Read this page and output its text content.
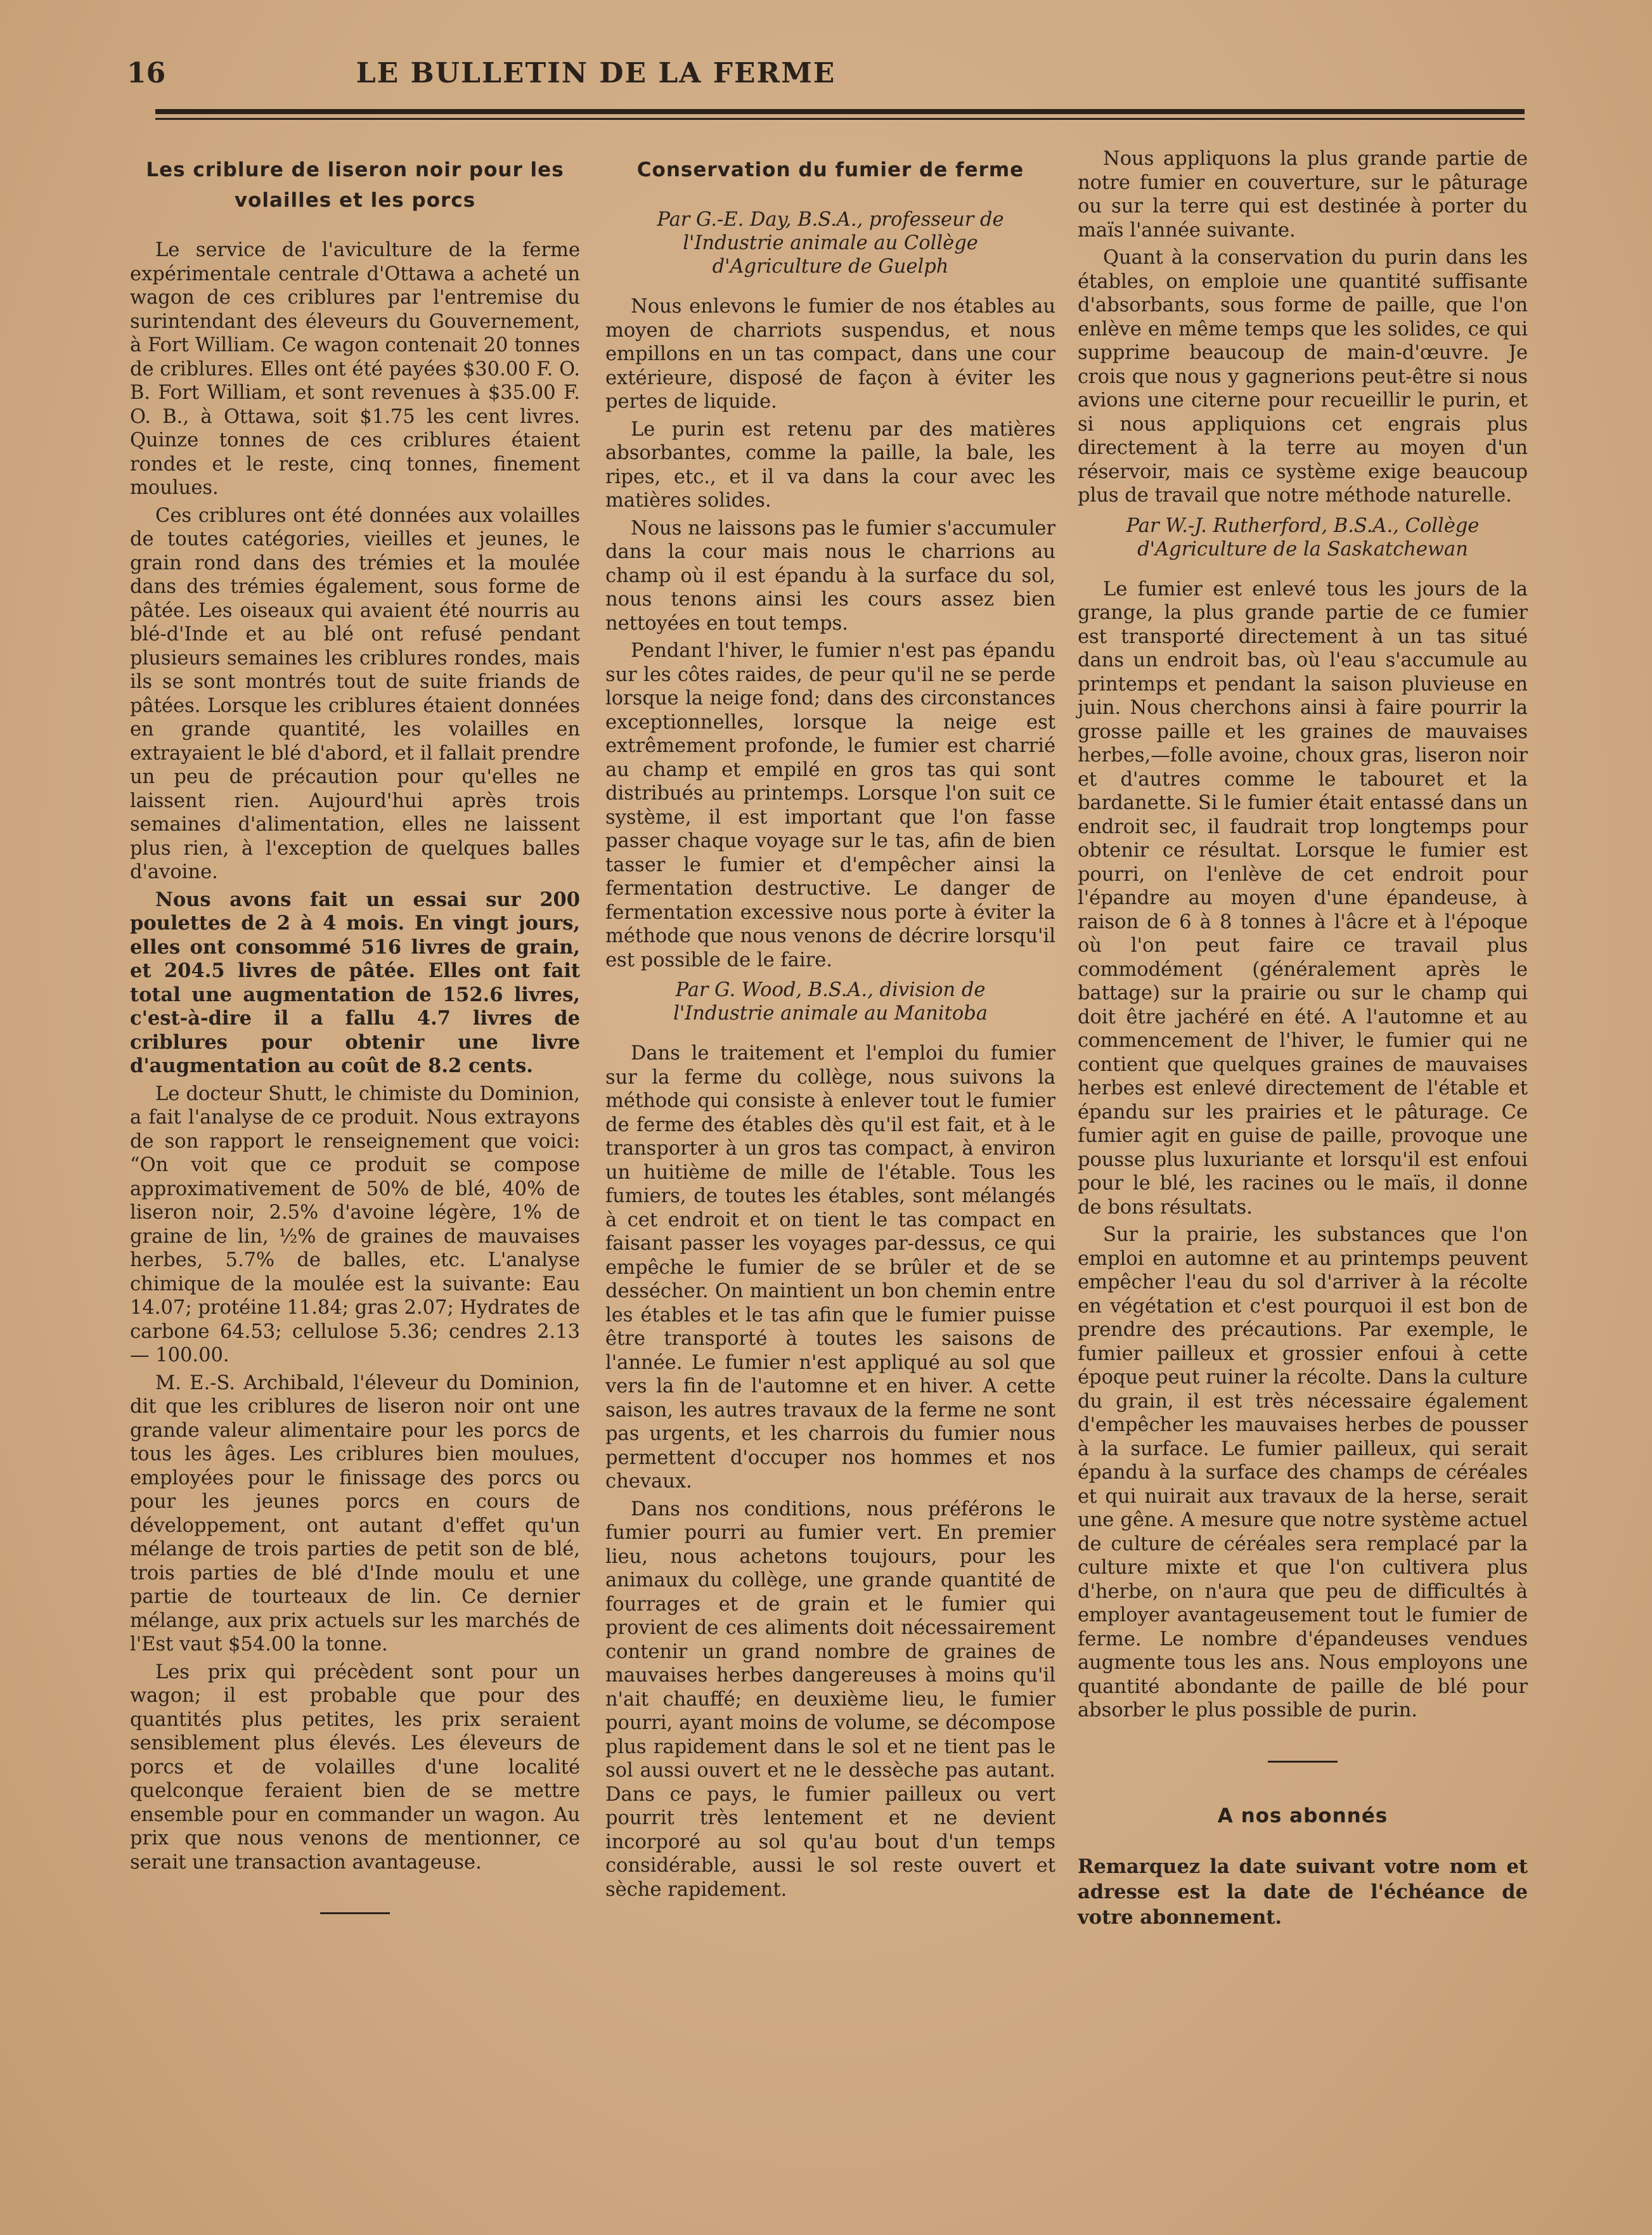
16	LE BULLETIN DE LA FERME
Les criblure de liseron noir pour les volailles et les porcs

Le service de l'aviculture de la ferme expérimentale centrale d'Ottawa a acheté un wagon de ces criblures par l'entremise du surintendant des éleveurs du Gouvernement, à Fort William. Ce wagon contenait 20 tonnes de criblures. Elles ont été payées $30.00 F. O. B. Fort William, et sont revenues à $35.00 F. O. B., à Ottawa, soit $1.75 les cent livres. Quinze tonnes de ces criblures étaient rondes et le reste, cinq tonnes, finement moulues.

Ces criblures ont été données aux volailles de toutes catégories, vieilles et jeunes, le grain rond dans des trémies et la moulée dans des trémies également, sous forme de pâtée. Les oiseaux qui avaient été nourris au blé-d'Inde et au blé ont refusé pendant plusieurs semaines les criblures rondes, mais ils se sont montrés tout de suite friands de pâtées. Lorsque les criblures étaient données en grande quantité, les volailles en extrayaient le blé d'abord, et il fallait prendre un peu de précaution pour qu'elles ne laissent rien. Aujourd'hui après trois semaines d'alimentation, elles ne laissent plus rien, à l'exception de quelques balles d'avoine.

Nous avons fait un essai sur 200 poulettes de 2 à 4 mois. En vingt jours, elles ont consommé 516 livres de grain, et 204.5 livres de pâtée. Elles ont fait total une augmentation de 152.6 livres, c'est-à-dire il a fallu 4.7 livres de criblures pour obtenir une livre d'augmentation au coût de 8.2 cents.

Le docteur Shutt, le chimiste du Dominion, a fait l'analyse de ce produit. Nous extrayons de son rapport le renseignement que voici: “On voit que ce produit se compose approximativement de 50% de blé, 40% de liseron noir, 2.5% d'avoine légère, 1% de graine de lin, ½% de graines de mauvaises herbes, 5.7% de balles, etc. L'analyse chimique de la moulée est la suivante: Eau 14.07; protéine 11.84; gras 2.07; Hydrates de carbone 64.53; cellulose 5.36; cendres 2.13 — 100.00.

M. E.-S. Archibald, l'éleveur du Dominion, dit que les criblures de liseron noir ont une grande valeur alimentaire pour les porcs de tous les âges. Les criblures bien moulues, employées pour le finissage des porcs ou pour les jeunes porcs en cours de développement, ont autant d'effet qu'un mélange de trois parties de petit son de blé, trois parties de blé d'Inde moulu et une partie de tourteaux de lin. Ce dernier mélange, aux prix actuels sur les marchés de l'Est vaut $54.00 la tonne.

Les prix qui précèdent sont pour un wagon; il est probable que pour des quantités plus petites, les prix seraient sensiblement plus élevés. Les éleveurs de porcs et de volailles d'une localité quelconque feraient bien de se mettre ensemble pour en commander un wagon. Au prix que nous venons de mentionner, ce serait une transaction avantageuse.

Conservation du fumier de ferme
Par G.-E. Day, B.S.A., professeur de l'Industrie animale au Collège d'Agriculture de Guelph

Nous enlevons le fumier de nos étables au moyen de charriots suspendus, et nous empillons en un tas compact, dans une cour extérieure, disposé de façon à éviter les pertes de liquide.

Le purin est retenu par des matières absorbantes, comme la paille, la bale, les ripes, etc., et il va dans la cour avec les matières solides.

Nous ne laissons pas le fumier s'accumuler dans la cour mais nous le charrions au champ où il est épandu à la surface du sol, nous tenons ainsi les cours assez bien nettoyées en tout temps.

Pendant l'hiver, le fumier n'est pas épandu sur les côtes raides, de peur qu'il ne se perde lorsque la neige fond; dans des circonstances exceptionnelles, lorsque la neige est extrêmement profonde, le fumier est charrié au champ et empilé en gros tas qui sont distribués au printemps. Lorsque l'on suit ce système, il est important que l'on fasse passer chaque voyage sur le tas, afin de bien tasser le fumier et d'empêcher ainsi la fermentation destructive. Le danger de fermentation excessive nous porte à éviter la méthode que nous venons de décrire lorsqu'il est possible de le faire.

Par G. Wood, B.S.A., division de l'Industrie animale au Manitoba

Dans le traitement et l'emploi du fumier sur la ferme du collège, nous suivons la méthode qui consiste à enlever tout le fumier de ferme des étables dès qu'il est fait, et à le transporter à un gros tas compact, à environ un huitième de mille de l'étable. Tous les fumiers, de toutes les étables, sont mélangés à cet endroit et on tient le tas compact en faisant passer les voyages par-dessus, ce qui empêche le fumier de se brûler et de se dessécher. On maintient un bon chemin entre les étables et le tas afin que le fumier puisse être transporté à toutes les saisons de l'année. Le fumier n'est appliqué au sol que vers la fin de l'automne et en hiver. A cette saison, les autres travaux de la ferme ne sont pas urgents, et les charrois du fumier nous permettent d'occuper nos hommes et nos chevaux.

Dans nos conditions, nous préférons le fumier pourri au fumier vert. En premier lieu, nous achetons toujours, pour les animaux du collège, une grande quantité de fourrages et de grain et le fumier qui provient de ces aliments doit nécessairement contenir un grand nombre de graines de mauvaises herbes dangereuses à moins qu'il n'ait chauffé; en deuxième lieu, le fumier pourri, ayant moins de volume, se décompose plus rapidement dans le sol et ne tient pas le sol aussi ouvert et ne le dessèche pas autant. Dans ce pays, le fumier pailleux ou vert pourrit très lentement et ne devient incorporé au sol qu'au bout d'un temps considérable, aussi le sol reste ouvert et sèche rapidement.

Nous appliquons la plus grande partie de notre fumier en couverture, sur le pâturage ou sur la terre qui est destinée à porter du maïs l'année suivante.

Quant à la conservation du purin dans les étables, on emploie une quantité suffisante d'absorbants, sous forme de paille, que l'on enlève en même temps que les solides, ce qui supprime beaucoup de main-d'œuvre. Je crois que nous y gagnerions peut-être si nous avions une citerne pour recueillir le purin, et si nous appliquions cet engrais plus directement à la terre au moyen d'un réservoir, mais ce système exige beaucoup plus de travail que notre méthode naturelle.

Par W.-J. Rutherford, B.S.A., Collège d'Agriculture de la Saskatchewan

Le fumier est enlevé tous les jours de la grange, la plus grande partie de ce fumier est transporté directement à un tas situé dans un endroit bas, où l'eau s'accumule au printemps et pendant la saison pluvieuse en juin. Nous cherchons ainsi à faire pourrir la grosse paille et les graines de mauvaises herbes,—folle avoine, choux gras, liseron noir et d'autres comme le tabouret et la bardanette. Si le fumier était entassé dans un endroit sec, il faudrait trop longtemps pour obtenir ce résultat. Lorsque le fumier est pourri, on l'enlève de cet endroit pour l'épandre au moyen d'une épandeuse, à raison de 6 à 8 tonnes à l'âcre et à l'époque où l'on peut faire ce travail plus commodément (généralement après le battage) sur la prairie ou sur le champ qui doit être jachéré en été. A l'automne et au commencement de l'hiver, le fumier qui ne contient que quelques graines de mauvaises herbes est enlevé directement de l'étable et épandu sur les prairies et le pâturage. Ce fumier agit en guise de paille, provoque une pousse plus luxuriante et lorsqu'il est enfoui pour le blé, les racines ou le maïs, il donne de bons résultats.

Sur la prairie, les substances que l'on emploi en automne et au printemps peuvent empêcher l'eau du sol d'arriver à la récolte en végétation et c'est pourquoi il est bon de prendre des précautions. Par exemple, le fumier pailleux et grossier enfoui à cette époque peut ruiner la récolte. Dans la culture du grain, il est très nécessaire également d'empêcher les mauvaises herbes de pousser à la surface. Le fumier pailleux, qui serait épandu à la surface des champs de céréales et qui nuirait aux travaux de la herse, serait une gêne. A mesure que notre système actuel de culture de céréales sera remplacé par la culture mixte et que l'on cultivera plus d'herbe, on n'aura que peu de difficultés à employer avantageusement tout le fumier de ferme. Le nombre d'épandeuses vendues augmente tous les ans. Nous employons une quantité abondante de paille de blé pour absorber le plus possible de purin.

A nos abonnés

Remarquez la date suivant votre nom et adresse est la date de l'échéance de votre abonnement.
